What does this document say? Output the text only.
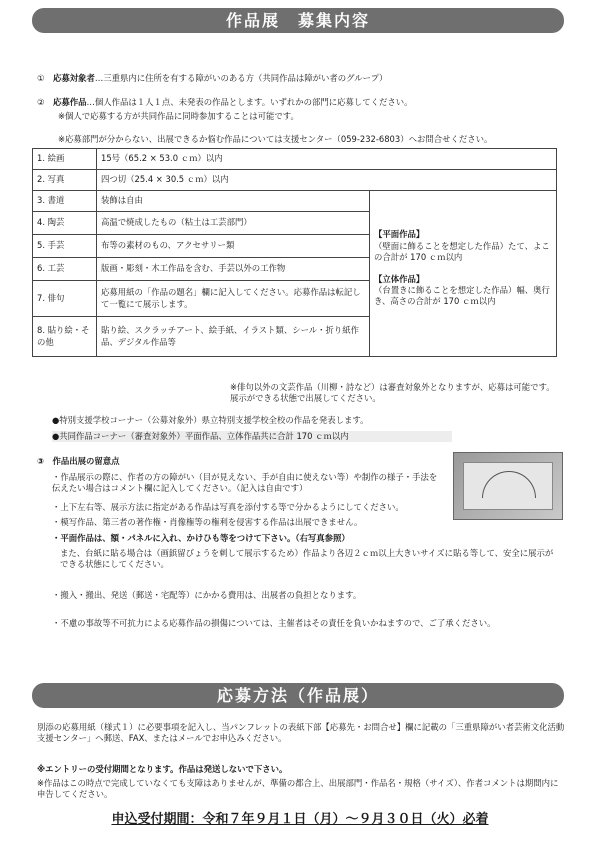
作品展　募集内容
① 応募対象者…三重県内に住所を有する障がいのある方（共同作品は障がい者のグループ）
② 応募作品…個人作品は１人１点、未発表の作品とします。いずれかの部門に応募してください。
※個人で応募する方が共同作品に同時参加することは可能です。
※応募部門が分からない、出展できるか悩む作品については支援センター（059-232-6803）へお問合せください。
1. 絵画	15号（65.2 × 53.0 ｃｍ）以内	
2. 写真	四つ切（25.4 × 30.5 ｃｍ）以内	
3. 書道	装飾は自由	【平面作品】
（壁面に飾ることを想定した作品）たて、よこの合計が 170 ｃｍ以内
【立体作品】
（台置きに飾ることを想定した作品）幅、奥行き、高さの合計が 170 ｃｍ以内

4. 陶芸	高温で焼成したもの（粘土は工芸部門）	
5. 手芸	布等の素材のもの、アクセサリー類	
6. 工芸	版画・彫刻・木工作品を含む、手芸以外の工作物	
7. 俳句	応募用紙の「作品の題名」欄に記入してください。応募作品は転記して一覧にて展示します。	
8. 貼り絵・その他	貼り絵、スクラッチアート、絵手紙、イラスト類、シール・折り紙作品、デジタル作品等	
※俳句以外の文芸作品（川柳・詩など）は審査対象外となりますが、応募は可能です。展示ができる状態で出展してください。
●特別支援学校コーナー（公募対象外）県立特別支援学校全校の作品を発表します。
●共同作品コーナー（審査対象外）平面作品、立体作品共に合計 170 ｃｍ以内
③　作品出展の留意点
・作品展示の際に、作者の方の障がい（目が見えない、手が自由に使えない等）や制作の様子・手法を伝えたい場合はコメント欄に記入してください。（記入は自由です）
・上下左右等、展示方法に指定がある作品は写真を添付する等で分かるようにしてください。
・模写作品、第三者の著作権・肖像権等の権利を侵害する作品は出展できません。
・平面作品は、額・パネルに入れ、かけひも等をつけて下さい。（右写真参照）
また、台紙に貼る場合は（画鋲留びょうを刺して展示するため）作品より各辺２ｃｍ以上大きいサイズに貼る等して、安全に展示ができる状態にしてください。
・搬入・搬出、発送（郵送・宅配等）にかかる費用は、出展者の負担となります。
・不慮の事故等不可抗力による応募作品の損傷については、主催者はその責任を負いかねますので、ご了承ください。
応募方法（作品展）
別添の応募用紙（様式１）に必要事項を記入し、当パンフレットの表紙下部【応募先・お問合せ】欄に記載の「三重県障がい者芸術文化活動支援センター」へ郵送、FAX、またはメールでお申込みください。
※エントリーの受付期間となります。作品は発送しないで下さい。
※作品はこの時点で完成していなくても支障はありませんが、準備の都合上、出展部門・作品名・規格（サイズ）、作者コメントは期間内に申告してください。
申込受付期間：令和７年９月１日（月）～９月３０日（火）必着
